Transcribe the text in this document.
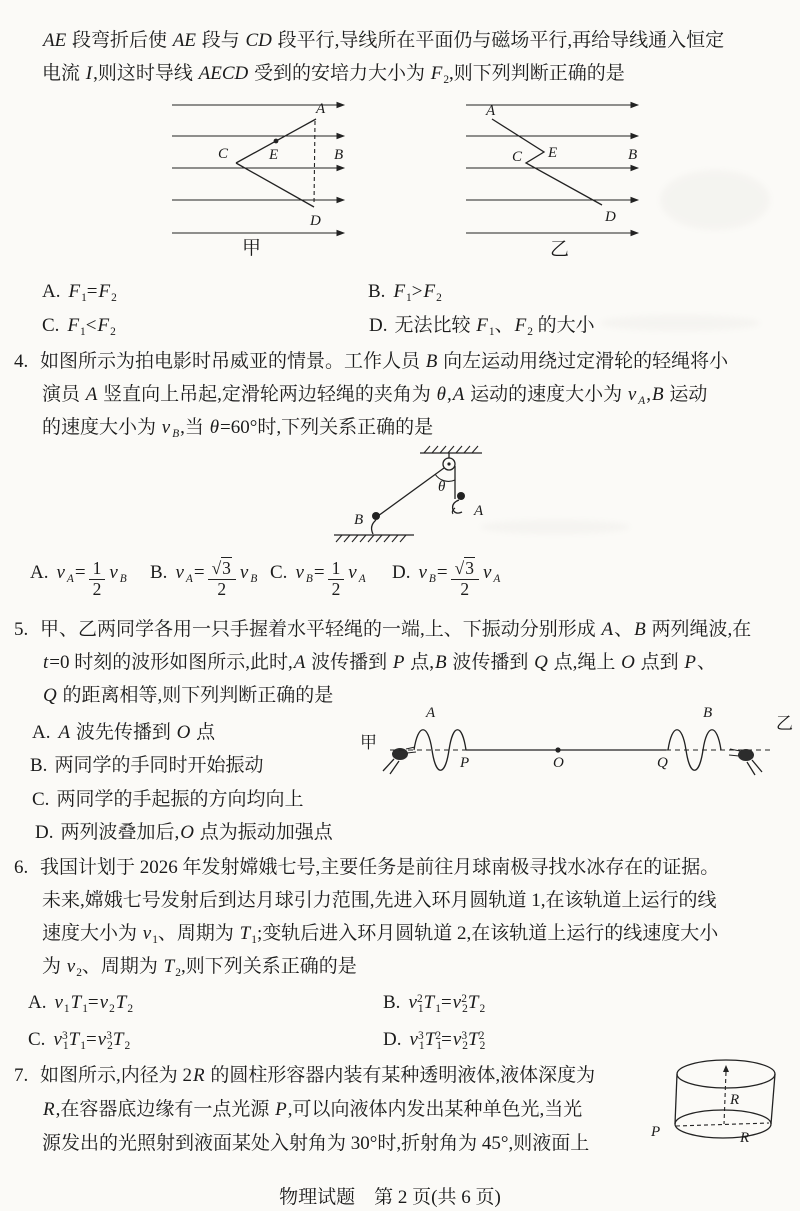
AE 段弯折后使 AE 段与 CD 段平行,导线所在平面仍与磁场平行,再给导线通入恒定
电流 I,则这时导线 AECD 受到的安培力大小为 $F_2$,则下列判断正确的是
A
C	E	B
D
甲
A
E
C	B
D
乙
A. $F_1=F_2$	B. $F_1>F_2$
C. $F_1<F_2$	D. 无法比较 $F_1$、$F_2$ 的大小
4. 如图所示为拍电影时吊威亚的情景。工作人员 B 向左运动用绕过定滑轮的轻绳将小
演员 A 竖直向上吊起,定滑轮两边轻绳的夹角为 θ,A 运动的速度大小为 v $_A$,B 运动
的速度大小为 v $_B$,当 θ=60°时,下列关系正确的是
θ
A
B
A. v $_A= \frac{1}{2}$ v $_B$ B. v $_A= \frac{√3}{2}$ v $_B$ C. v $_B= \frac{1}{2}$ v $_A$ D. v $_B= \frac{√3}{2}$ v $_A$
5. 甲、乙两同学各用一只手握着水平轻绳的一端,上、下振动分别形成 A、B 两列绳波,在
t=0 时刻的波形如图所示,此时,A 波传播到 P 点,B 波传播到 Q 点,绳上 O 点到 P、
Q 的距离相等,则下列判断正确的是
A. A 波先传播到 O 点
B. 两同学的手同时开始振动
C. 两同学的手起振的方向均向上
D. 两列波叠加后,O 点为振动加强点
甲
A
P	O	Q
B
乙
6. 我国计划于 2026 年发射嫦娥七号,主要任务是前往月球南极寻找水冰存在的证据。
未来,嫦娥七号发射后到达月球引力范围,先进入环月圆轨道 1,在该轨道上运行的线
速度大小为 $v_1$、周期为 $T_1$;变轨后进入环月圆轨道 2,在该轨道上运行的线速度大小
为 $v_2$、周期为 $T_2$,则下列关系正确的是
A. $v_1T_1=v_2T_2$	B. $v_1^2T_1=v_2^2T_2$
C. $v_1^3T_1=v_2^3T_2$	D. $v_1^3T_1^2=v_2^3T_2^2$
7. 如图所示,内径为 2R 的圆柱形容器内装有某种透明液体,液体深度为
R,在容器底边缘有一点光源 P,可以向液体内发出某种单色光,当光
源发出的光照射到液面某处入射角为 30°时,折射角为 45°,则液面上
R
R
P
物理试题　第 2 页(共 6 页)
